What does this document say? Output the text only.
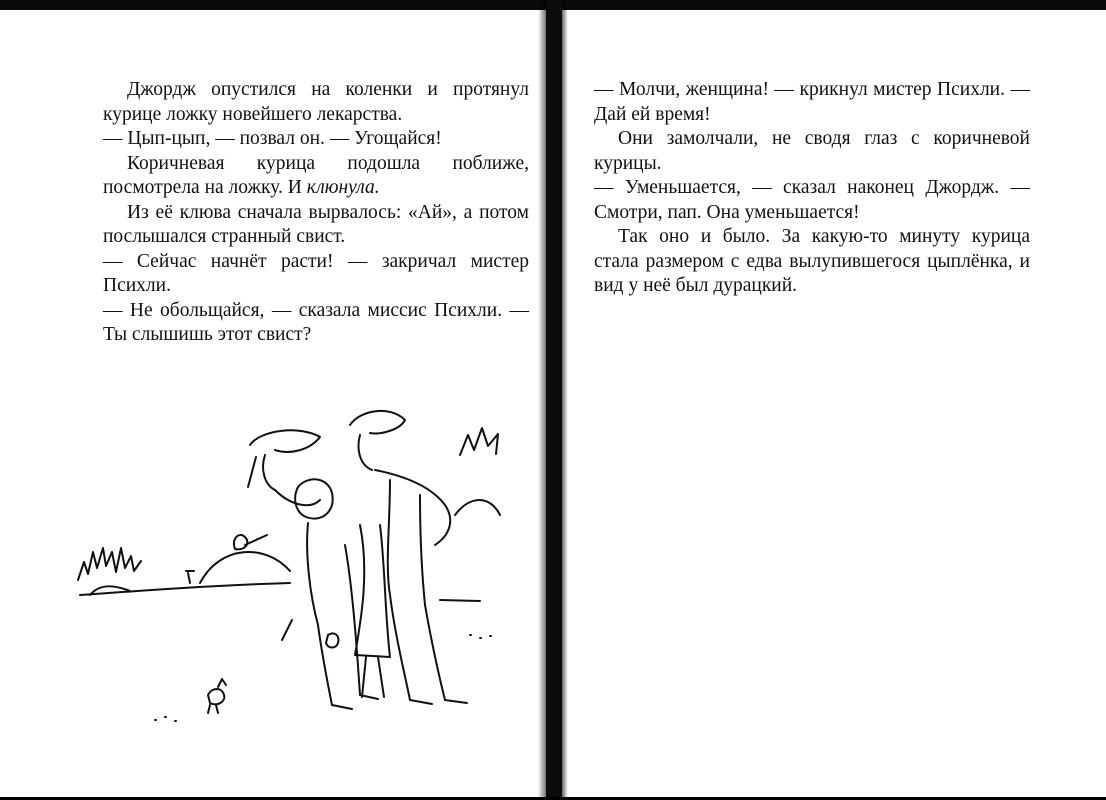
Джордж опустился на коленки и протянул курице ложку новейшего лекарства.

— Цып-цып, — позвал он. — Угощайся!

Коричневая курица подошла поближе, посмотрела на ложку. И клюнула.

Из её клюва сначала вырвалось: «Ай», а потом послышался странный свист.

— Сейчас начнёт расти! — закричал мистер Психли.

— Не обольщайся, — сказала миссис Психли. — Ты слышишь этот свист?

— Молчи, женщина! — крикнул мистер Психли. — Дай ей время!

Они замолчали, не сводя глаз с коричневой курицы.

— Уменьшается, — сказал наконец Джордж. — Смотри, пап. Она уменьшается!

Так оно и было. За какую-то минуту курица стала размером с едва вылупившегося цыплёнка, и вид у неё был дурацкий.
